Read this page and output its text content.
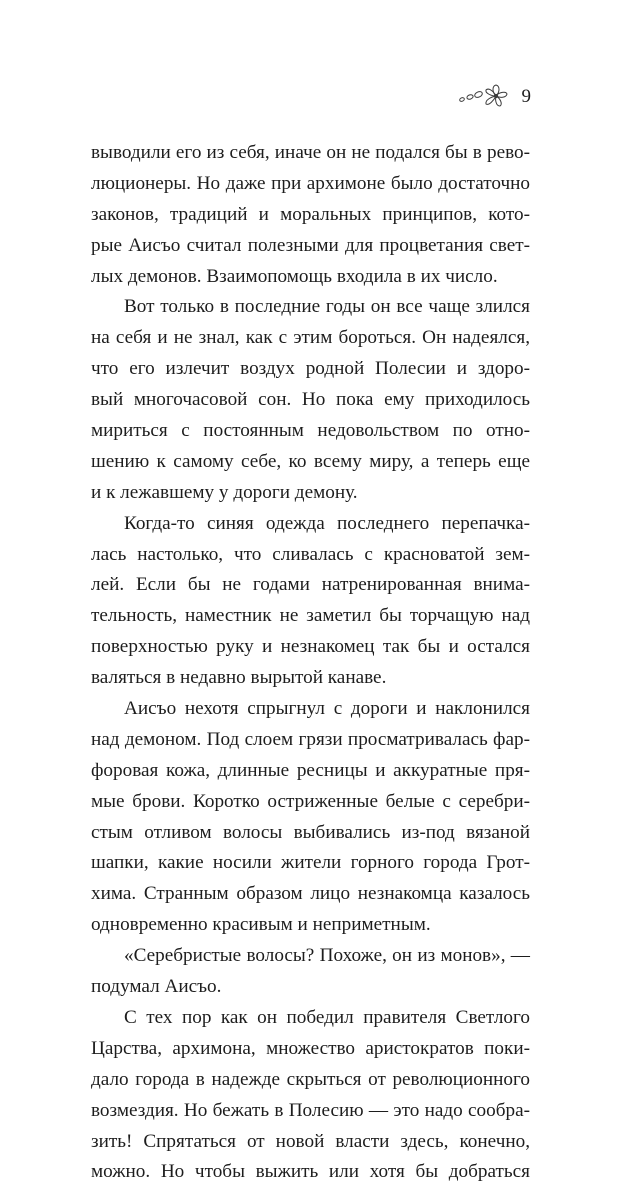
9
выводили его из себя, иначе он не подался бы в рево-
люционеры. Но даже при архимоне было достаточно
законов, традиций и моральных принципов, кото-
рые Аисъо считал полезными для процветания свет-
лых демонов. Взаимопомощь входила в их число.
Вот только в последние годы он все чаще злился
на себя и не знал, как с этим бороться. Он надеялся,
что его излечит воздух родной Полесии и здоро-
вый многочасовой сон. Но пока ему приходилось
мириться с постоянным недовольством по отно-
шению к самому себе, ко всему миру, а теперь еще
и к лежавшему у дороги демону.
Когда-то синяя одежда последнего перепачка-
лась настолько, что сливалась с красноватой зем-
лей. Если бы не годами натренированная внима-
тельность, наместник не заметил бы торчащую над
поверхностью руку и незнакомец так бы и остался
валяться в недавно вырытой канаве.
Аисъо нехотя спрыгнул с дороги и наклонился
над демоном. Под слоем грязи просматривалась фар-
форовая кожа, длинные ресницы и аккуратные пря-
мые брови. Коротко остриженные белые с серебри-
стым отливом волосы выбивались из-под вязаной
шапки, какие носили жители горного города Грот-
хима. Странным образом лицо незнакомца казалось
одновременно красивым и неприметным.
«Серебристые волосы? Похоже, он из монов», —
подумал Аисъо.
С тех пор как он победил правителя Светлого
Царства, архимона, множество аристократов поки-
дало города в надежде скрыться от революционного
возмездия. Но бежать в Полесию — это надо сообра-
зить! Спрятаться от новой власти здесь, конечно,
можно. Но чтобы выжить или хотя бы добраться
